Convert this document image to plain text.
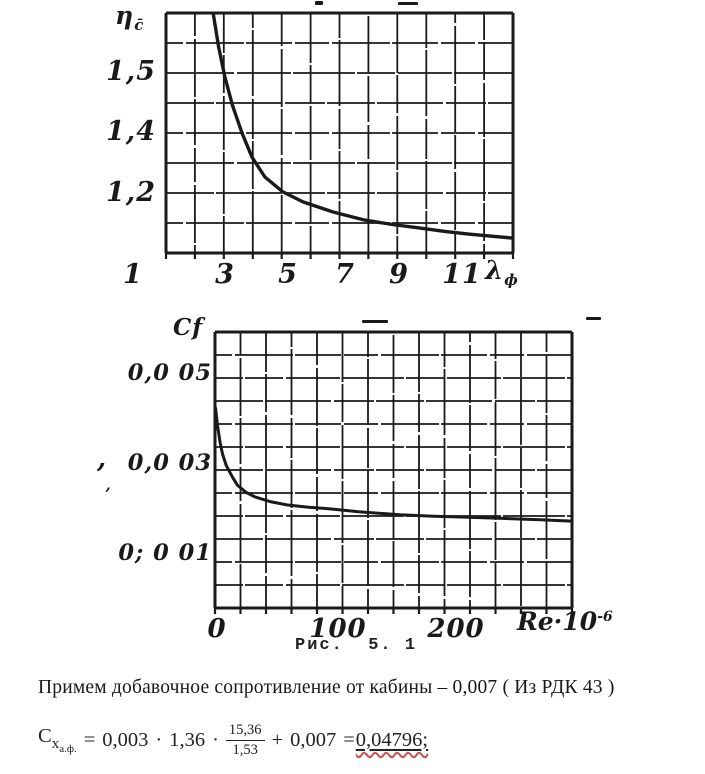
$\eta_{с̄}$
1,5
1,4
1,2
1	3 5 7 9 11 $\lambda_ф$
Сf
0,0 05
0,0 03
0; 0 01
,
’
0	100 200 $Re\cdot 10^{-6}$
Рис.  5. 1
Примем добавочное сопротивление от кабины – 0,007 ( Из РДК 43 )
$С_{х_{а.ф.}} = 0,003 \cdot 1,36 \cdot \frac{15,36}{1,53} + 0,007 = 0,04796$;
